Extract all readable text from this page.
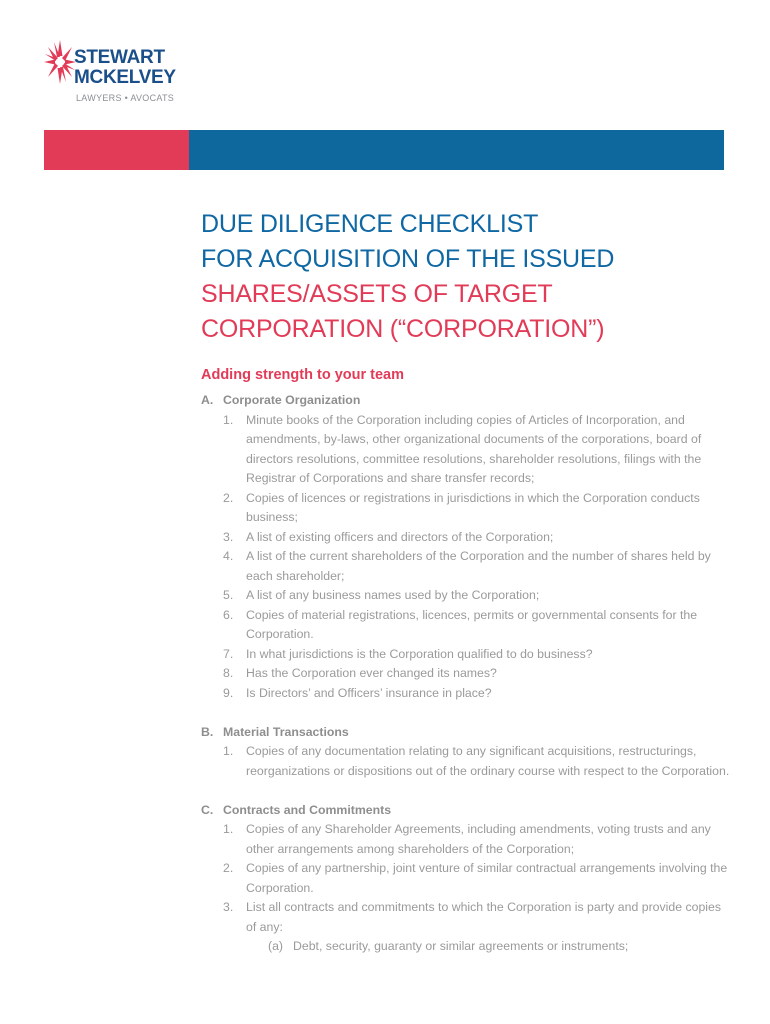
STEWART
MCKELVEY
LAWYERS • AVOCATS
DUE DILIGENCE CHECKLIST
FOR ACQUISITION OF THE ISSUED
SHARES/ASSETS OF TARGET
CORPORATION (“CORPORATION”)
Adding strength to your team
A. Corporate Organization
1.	Minute books of the Corporation including copies of Articles of Incorporation, and amendments, by-laws, other organizational documents of the corporations, board of directors resolutions, committee resolutions, shareholder resolutions, filings with the Registrar of Corporations and share transfer records;
2.	Copies of licences or registrations in jurisdictions in which the Corporation conducts business;
3.	A list of existing officers and directors of the Corporation;
4.	A list of the current shareholders of the Corporation and the number of shares held by each shareholder;
5.	A list of any business names used by the Corporation;
6.	Copies of material registrations, licences, permits or governmental consents for the Corporation.
7.	In what jurisdictions is the Corporation qualified to do business?
8.	Has the Corporation ever changed its names?
9.	Is Directors’ and Officers’ insurance in place?
B. Material Transactions
1.	Copies of any documentation relating to any significant acquisitions, restructurings, reorganizations or dispositions out of the ordinary course with respect to the Corporation.
C. Contracts and Commitments
1.	Copies of any Shareholder Agreements, including amendments, voting trusts and any other arrangements among shareholders of the Corporation;
2.	Copies of any partnership, joint venture of similar contractual arrangements involving the Corporation.
3.	List all contracts and commitments to which the Corporation is party and provide copies of any:
(a) Debt, security, guaranty or similar agreements or instruments;
